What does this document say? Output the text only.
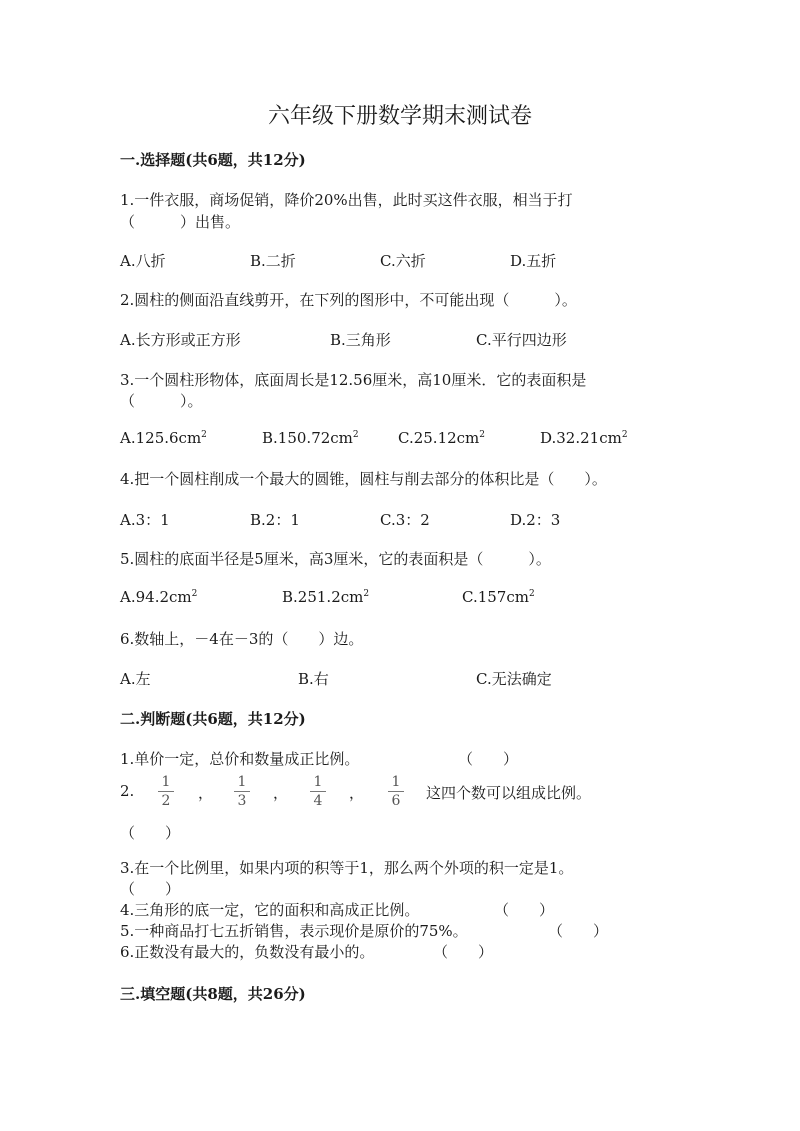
六年级下册数学期末测试卷
一.选择题(共6题，共12分)
1.一件衣服，商场促销，降价20%出售，此时买这件衣服，相当于打
（　　　）出售。
A.八折	B.二折	C.六折	D.五折
2.圆柱的侧面沿直线剪开，在下列的图形中，不可能出现（　　　）。
A.长方形或正方形	B.三角形	C.平行四边形
3.一个圆柱形物体，底面周长是12.56厘米，高10厘米．它的表面积是
（　　　）。
$A.125.6cm^2$	$B.150.72cm^2$	$C.25.12cm^2$	$D.32.21cm^2$
4.把一个圆柱削成一个最大的圆锥，圆柱与削去部分的体积比是（　　）。
A.3：1	B.2：1	C.3：2	D.2：3
5.圆柱的底面半径是5厘米，高3厘米，它的表面积是（　　　）。
$A.94.2cm^2$	$B.251.2cm^2$	$C.157cm^2$
6.数轴上，－4在－3的（　　）边。
A.左	B.右	C.无法确定
二.判断题(共6题，共12分)
1.单价一定，总价和数量成正比例。	（　　）
2.	1
2	，
1
3	，
1
4	，
1
6	这四个数可以组成比例。
（　　）
3.在一个比例里，如果内项的积等于1，那么两个外项的积一定是1。
（　　）
4.三角形的底一定，它的面积和高成正比例。	（　　）
5.一种商品打七五折销售，表示现价是原价的75%。	（　　）
6.正数没有最大的，负数没有最小的。	（　　）
三.填空题(共8题，共26分)
